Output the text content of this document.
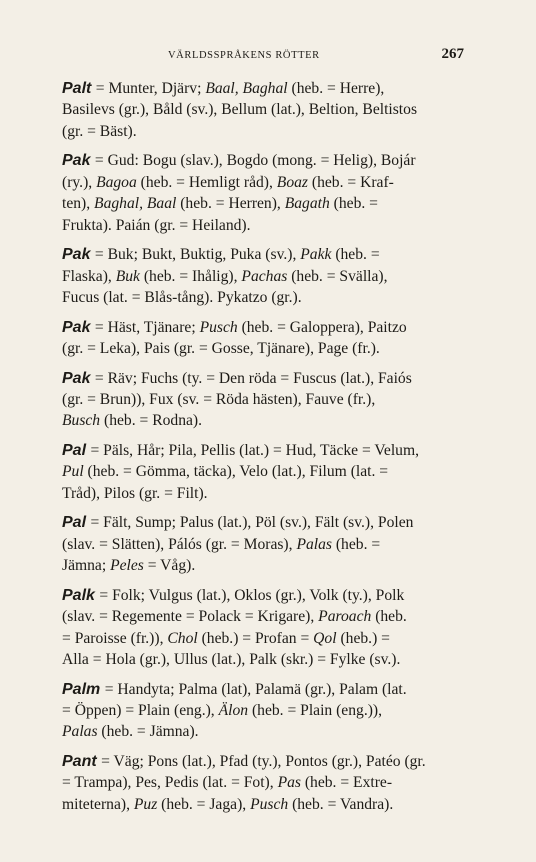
VÄRLDSSPRÅKENS RÖTTER	267
Palt = Munter, Djärv; Baal, Baghal (heb. = Herre),
Basilevs (gr.), Båld (sv.), Bellum (lat.), Beltion, Beltistos
(gr. = Bäst).
Pak = Gud: Bogu (slav.), Bogdo (mong. = Helig), Bojár
(ry.), Bagoa (heb. = Hemligt råd), Boaz (heb. = Kraf-
ten), Baghal, Baal (heb. = Herren), Bagath (heb. =
Frukta). Paián (gr. = Heiland).
Pak = Buk; Bukt, Buktig, Puka (sv.), Pakk (heb. =
Flaska), Buk (heb. = Ihålig), Pachas (heb. = Svälla),
Fucus (lat. = Blås-tång). Pykatzo (gr.).
Pak = Häst, Tjänare; Pusch (heb. = Galoppera), Paitzo
(gr. = Leka), Pais (gr. = Gosse, Tjänare), Page (fr.).
Pak = Räv; Fuchs (ty. = Den röda = Fuscus (lat.), Faiós
(gr. = Brun)), Fux (sv. = Röda hästen), Fauve (fr.),
Busch (heb. = Rodna).
Pal = Päls, Hår; Pila, Pellis (lat.) = Hud, Täcke = Velum,
Pul (heb. = Gömma, täcka), Velo (lat.), Filum (lat. =
Tråd), Pilos (gr. = Filt).
Pal = Fält, Sump; Palus (lat.), Pöl (sv.), Fält (sv.), Polen
(slav. = Slätten), Pálós (gr. = Moras), Palas (heb. =
Jämna; Peles = Våg).
Palk = Folk; Vulgus (lat.), Oklos (gr.), Volk (ty.), Polk
(slav. = Regemente = Polack = Krigare), Paroach (heb.
= Paroisse (fr.)), Chol (heb.) = Profan = Qol (heb.) =
Alla = Hola (gr.), Ullus (lat.), Palk (skr.) = Fylke (sv.).
Palm = Handyta; Palma (lat), Palamä (gr.), Palam (lat.
= Öppen) = Plain (eng.), Älon (heb. = Plain (eng.)),
Palas (heb. = Jämna).
Pant = Väg; Pons (lat.), Pfad (ty.), Pontos (gr.), Patéo (gr.
= Trampa), Pes, Pedis (lat. = Fot), Pas (heb. = Extre-
miteterna), Puz (heb. = Jaga), Pusch (heb. = Vandra).
